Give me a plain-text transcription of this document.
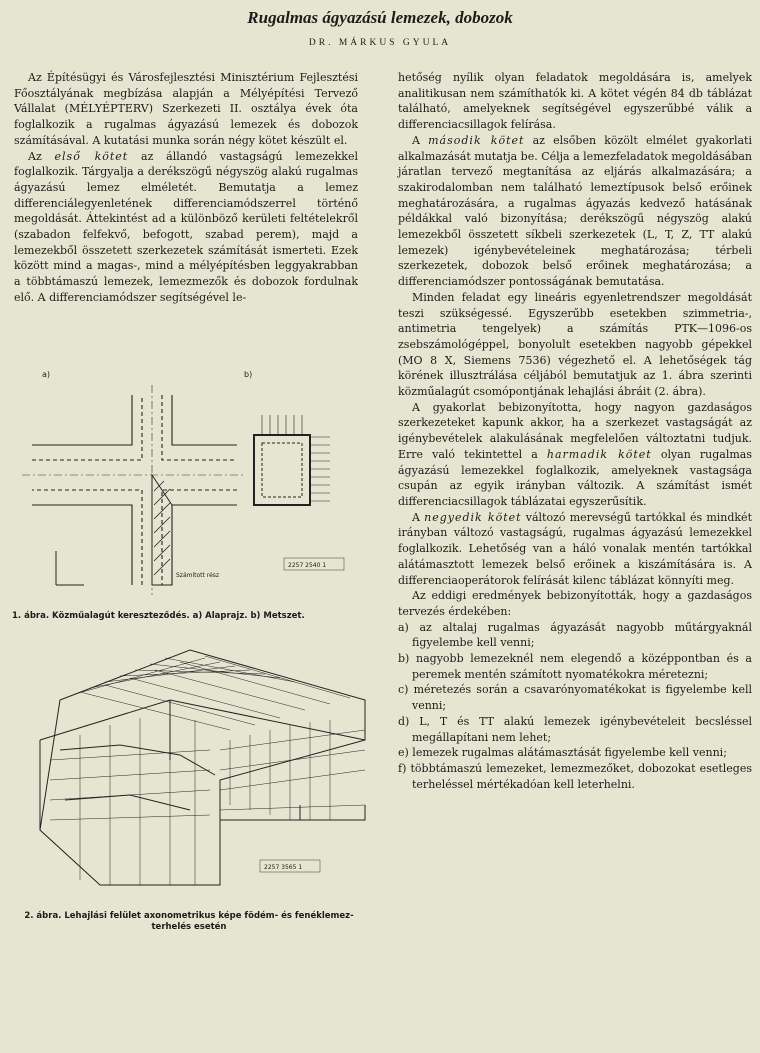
Rugalmas ágyazású lemezek, dobozok
DR. MÁRKUS GYULA

Az Építésügyi és Városfejlesztési Minisztérium Fejlesztési Főosztályának megbízása alapján a Mélyépítési Tervező Vállalat (MÉLYÉPTERV) Szerkezeti II. osztálya évek óta foglalkozik a rugalmas ágyazású lemezek és dobozok számításával. A kutatási munka során négy kötet készült el.

Az első kötet az állandó vastagságú lemezekkel foglalkozik. Tárgyalja a derékszögű négyszög alakú rugalmas ágyazású lemez elméletét. Bemutatja a lemez differenciálegyenletének differenciamódszerrel történő megoldását. Áttekintést ad a különböző kerületi feltételekről (szabadon felfekvő, befogott, szabad perem), majd a lemezekből összetett szerkezetek számítását ismerteti. Ezek között mind a magas-, mind a mélyépítésben leggyakrabban a többtámaszú lemezek, lemezmezők és dobozok fordulnak elő. A differenciamódszer segítségével le-

a)	b)
Számított rész
2257 2540 1
1. ábra. Közműalagút kereszteződés. a) Alaprajz. b) Metszet.
2257 3565 1
2. ábra. Lehajlási felület axonometrikus képe födém- és fenéklemez-terhelés esetén

hetőség nyílik olyan feladatok megoldására is, amelyek analitikusan nem számíthatók ki. A kötet végén 84 db táblázat található, amelyeknek segítségével egyszerűbbé válik a differenciacsillagok felírása.

A második kötet az elsőben közölt elmélet gyakorlati alkalmazását mutatja be. Célja a lemezfeladatok megoldásában járatlan tervező megtanítása az eljárás alkalmazására; a szakirodalomban nem található lemeztípusok belső erőinek meghatározására, a rugalmas ágyazás kedvező hatásának példákkal való bizonyítása; derékszögű négyszög alakú lemezekből összetett síkbeli szerkezetek (L, T, Z, TT alakú lemezek) igénybevételeinek meghatározása; térbeli szerkezetek, dobozok belső erőinek meghatározása; a differenciamódszer pontosságának bemutatása.

Minden feladat egy lineáris egyenletrendszer megoldását teszi szükségessé. Egyszerűbb esetekben szimmetria-, antimetria tengelyek) a számítás PTK—1096-os zsebszámológéppel, bonyolult esetekben nagyobb gépekkel (MO 8 X, Siemens 7536) végezhető el. A lehetőségek tág körének illusztrálása céljából bemutatjuk az 1. ábra szerinti közműalagút csomópontjának lehajlási ábráit (2. ábra).

A gyakorlat bebizonyította, hogy nagyon gazdaságos szerkezeteket kapunk akkor, ha a szerkezet vastagságát az igénybevételek alakulásának megfelelően változtatni tudjuk. Erre való tekintettel a harmadik kötet olyan rugalmas ágyazású lemezekkel foglalkozik, amelyeknek vastagsága csupán az egyik irányban változik. A számítást ismét differenciacsillagok táblázatai egyszerűsítik.

A negyedik kötet változó merevségű tartókkal és mindkét irányban változó vastagságú, rugalmas ágyazású lemezekkel foglalkozik. Lehetőség van a háló vonalak mentén tartókkal alátámasztott lemezek belső erőinek a kiszámítására is. A differenciaoperátorok felírását kilenc táblázat könnyíti meg.

Az eddigi eredmények bebizonyították, hogy a gazdaságos tervezés érdekében:

a) az altalaj rugalmas ágyazását nagyobb műtárgyaknál figyelembe kell venni;
b) nagyobb lemezeknél nem elegendő a középpontban és a peremek mentén számított nyomatékokra méretezni;
c) méretezés során a csavarónyomatékokat is figyelembe kell venni;
d) L, T és TT alakú lemezek igénybevételeit becsléssel megállapítani nem lehet;
e) lemezek rugalmas alátámasztását figyelembe kell venni;
f) többtámaszú lemezeket, lemezmezőket, dobozokat esetleges terheléssel mértékadóan kell leterhelni.
